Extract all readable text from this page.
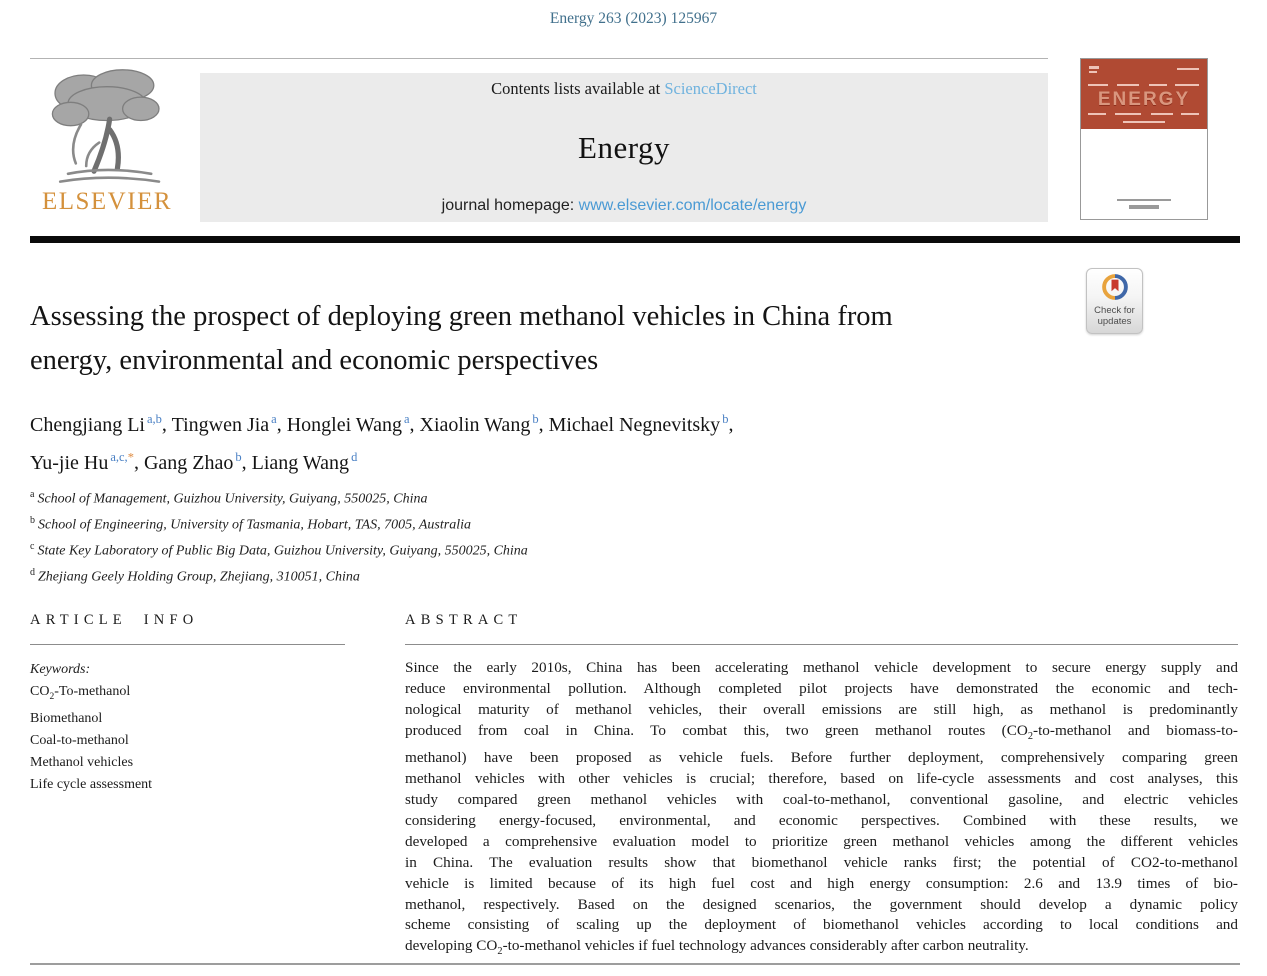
Energy 263 (2023) 125967
ELSEVIER
Contents lists available at ScienceDirect
Energy
journal homepage: www.elsevier.com/locate/energy
ENERGY
Check for
updates
Assessing the prospect of deploying green methanol vehicles in China from
energy, environmental and economic perspectives
Chengjiang Li $^{a,b}$, Tingwen Jia $^a$, Honglei Wang $^a$, Xiaolin Wang $^b$, Michael Negnevitsky $^b$,
Yu-jie Hu $^{a,c,*}$, Gang Zhao $^b$, Liang Wang $^d$
$^a$ School of Management, Guizhou University, Guiyang, 550025, China
$^b$ School of Engineering, University of Tasmania, Hobart, TAS, 7005, Australia
$^c$ State Key Laboratory of Public Big Data, Guizhou University, Guiyang, 550025, China
$^d$ Zhejiang Geely Holding Group, Zhejiang, 310051, China
ARTICLE INFO
Keywords:
$CO_2-To$-methanol
Biomethanol
Coal-to-methanol
Methanol vehicles
Life cycle assessment
ABSTRACT
Since the early 2010s, China has been accelerating methanol vehicle development to secure energy supply and
reduce environmental pollution. Although completed pilot projects have demonstrated the economic and tech-
nological maturity of methanol vehicles, their overall emissions are still high, as methanol is predominantly
produced from coal in China. To combat this, two green methanol routes ($CO_2-to$-methanol and biomass-to-
methanol) have been proposed as vehicle fuels. Before further deployment, comprehensively comparing green
methanol vehicles with other vehicles is crucial; therefore, based on life-cycle assessments and cost analyses, this
study compared green methanol vehicles with coal-to-methanol, conventional gasoline, and electric vehicles
considering energy-focused, environmental, and economic perspectives. Combined with these results, we
developed a comprehensive evaluation model to prioritize green methanol vehicles among the different vehicles
in China. The evaluation results show that biomethanol vehicle ranks first; the potential of CO2-to-methanol
vehicle is limited because of its high fuel cost and high energy consumption: 2.6 and 13.9 times of bio-
methanol, respectively. Based on the designed scenarios, the government should develop a dynamic policy
scheme consisting of scaling up the deployment of biomethanol vehicles according to local conditions and
developing $CO_2-to$-methanol vehicles if fuel technology advances considerably after carbon neutrality.
